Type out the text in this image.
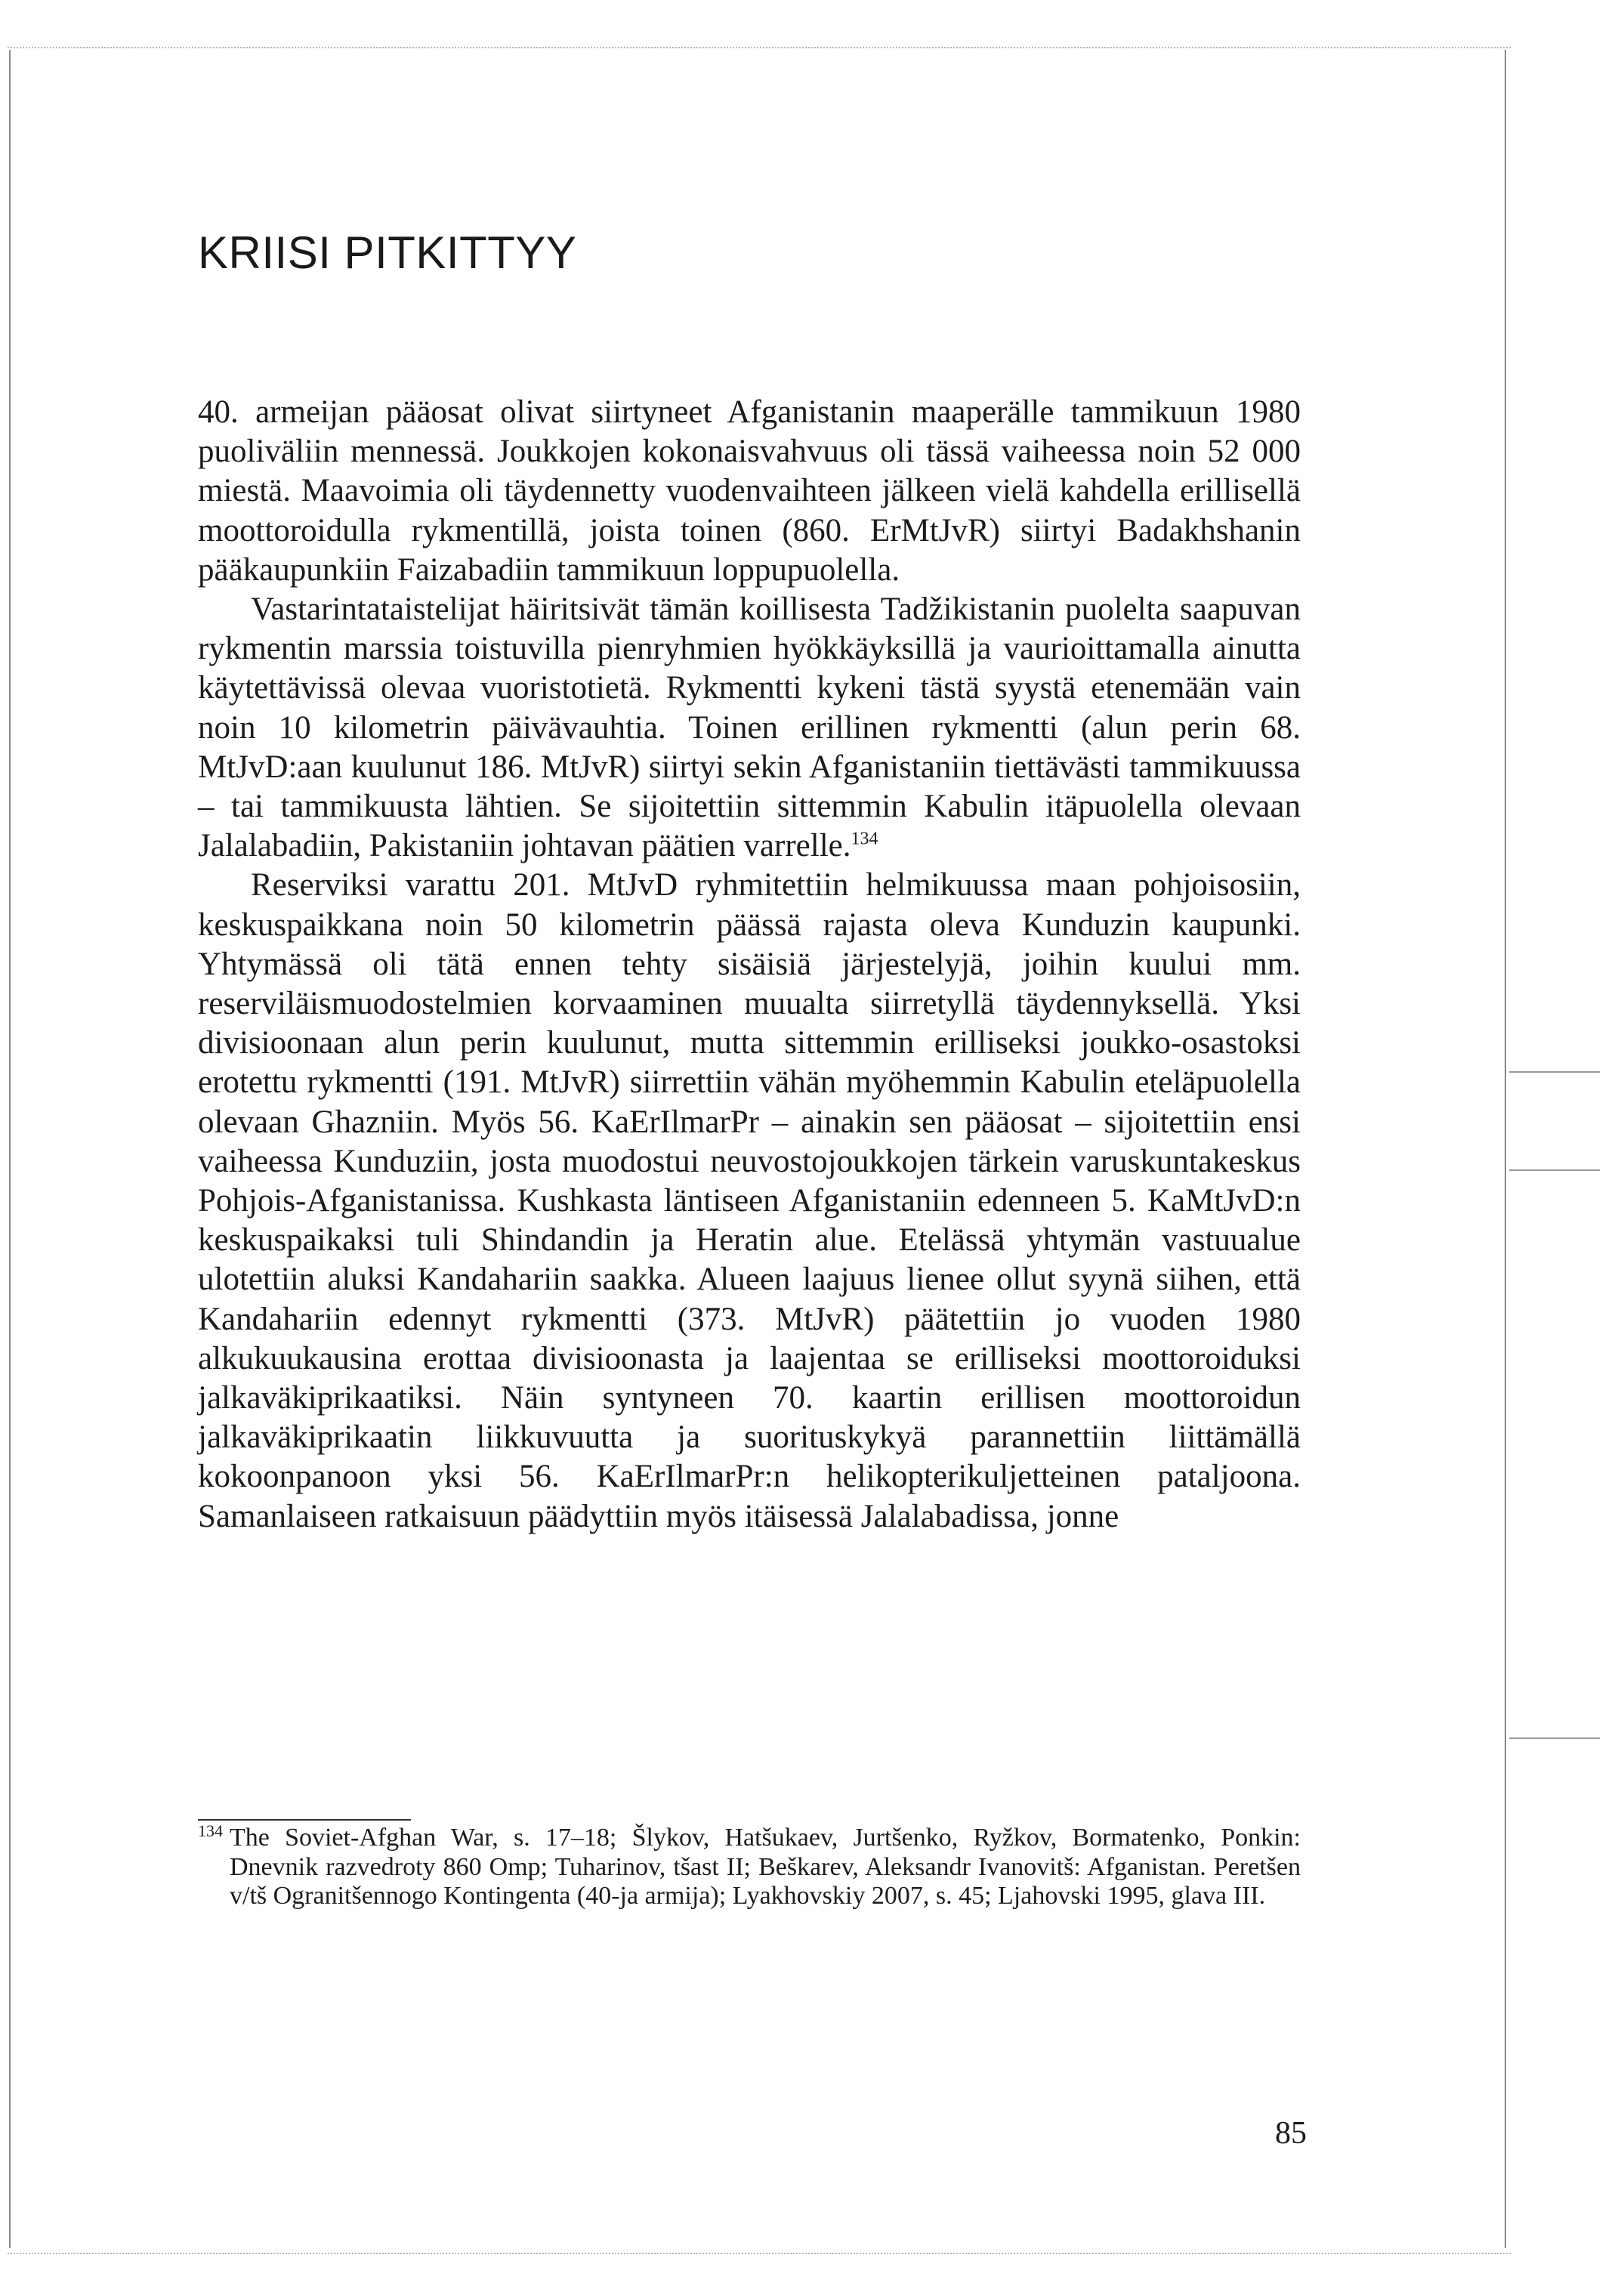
KRIISI PITKITTYY

40. armeijan pääosat olivat siirtyneet Afganistanin maaperälle tammikuun 1980 puoliväliin mennessä. Joukkojen kokonaisvahvuus oli tässä vaiheessa noin 52 000 miestä. Maavoimia oli täydennetty vuodenvaihteen jälkeen vielä kahdella erillisellä moottoroidulla rykmentillä, joista toinen (860. ErMtJvR) siirtyi Badakhshanin pääkaupunkiin Faizabadiin tammikuun loppupuolella.

Vastarintataistelijat häiritsivät tämän koillisesta Tadžikistanin puolelta saapuvan rykmentin marssia toistuvilla pienryhmien hyökkäyksillä ja vaurioittamalla ainutta käytettävissä olevaa vuoristotietä. Rykmentti kykeni tästä syystä etenemään vain noin 10 kilometrin päivävauhtia. Toinen erillinen rykmentti (alun perin 68. MtJvD:aan kuulunut 186. MtJvR) siirtyi sekin Afganistaniin tiettävästi tammikuussa – tai tammikuusta lähtien. Se sijoitettiin sittemmin Kabulin itäpuolella olevaan Jalalabadiin, Pakistaniin johtavan päätien varrelle.$^{134}$

Reserviksi varattu 201. MtJvD ryhmitettiin helmikuussa maan pohjoisosiin, keskuspaikkana noin 50 kilometrin päässä rajasta oleva Kunduzin kaupunki. Yhtymässä oli tätä ennen tehty sisäisiä järjestelyjä, joihin kuului mm. reserviläismuodostelmien korvaaminen muualta siirretyllä täydennyksellä. Yksi divisioonaan alun perin kuulunut, mutta sittemmin erilliseksi joukko-osastoksi erotettu rykmentti (191. MtJvR) siirrettiin vähän myöhemmin Kabulin eteläpuolella olevaan Ghazniin. Myös 56. KaErIlmarPr – ainakin sen pääosat – sijoitettiin ensi vaiheessa Kunduziin, josta muodostui neuvostojoukkojen tärkein varuskuntakeskus Pohjois-Afganistanissa. Kushkasta läntiseen Afganistaniin edenneen 5. KaMtJvD:n keskuspaikaksi tuli Shindandin ja Heratin alue. Etelässä yhtymän vastuualue ulotettiin aluksi Kandahariin saakka. Alueen laajuus lienee ollut syynä siihen, että Kandahariin edennyt rykmentti (373. MtJvR) päätettiin jo vuoden 1980 alkukuukausina erottaa divisioonasta ja laajentaa se erilliseksi moottoroiduksi jalkaväkiprikaatiksi. Näin syntyneen 70. kaartin erillisen moottoroidun jalkaväkiprikaatin liikkuvuutta ja suorituskykyä parannettiin liittämällä kokoonpanoon yksi 56. KaErIlmarPr:n helikopterikuljetteinen pataljoona. Samanlaiseen ratkaisuun päädyttiin myös itäisessä Jalalabadissa, jonne

134 The Soviet-Afghan War, s. 17–18; Šlykov, Hatšukaev, Jurtšenko, Ryžkov, Bormatenko, Ponkin: Dnevnik razvedroty 860 Omp; Tuharinov, tšast II; Beškarev, Aleksandr Ivanovitš: Afganistan. Peretšen v/tš Ogranitšennogo Kontingenta (40-ja armija); Lyakhovskiy 2007, s. 45; Ljahovski 1995, glava III.

85
